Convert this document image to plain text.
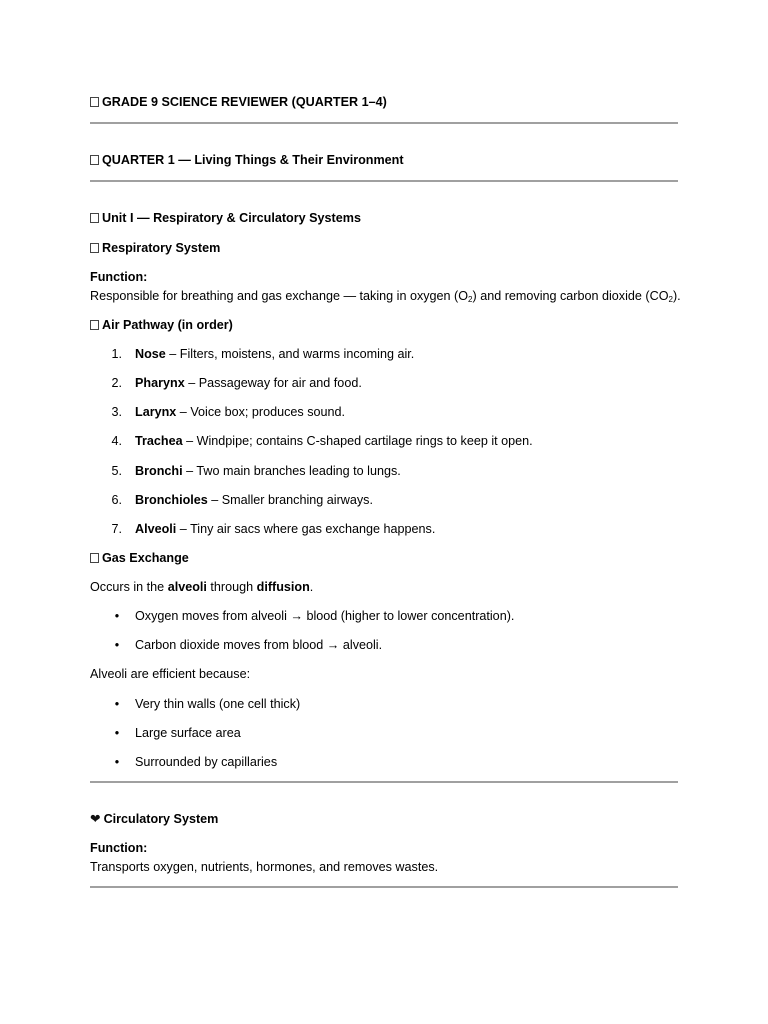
GRADE 9 SCIENCE REVIEWER (QUARTER 1–4)
QUARTER 1 — Living Things & Their Environment
Unit I — Respiratory & Circulatory Systems
Respiratory System
Function:
Responsible for breathing and gas exchange — taking in oxygen $(O_2)$ and removing carbon dioxide $(CO_2)$.
Air Pathway (in order)
1. Nose – Filters, moistens, and warms incoming air.
2. Pharynx – Passageway for air and food.
3. Larynx – Voice box; produces sound.
4. Trachea – Windpipe; contains C-shaped cartilage rings to keep it open.
5. Bronchi – Two main branches leading to lungs.
6. Bronchioles – Smaller branching airways.
7. Alveoli – Tiny air sacs where gas exchange happens.
Gas Exchange
Occurs in the alveoli through diffusion.
• Oxygen moves from alveoli → blood (higher to lower concentration).
• Carbon dioxide moves from blood → alveoli.
Alveoli are efficient because:
• Very thin walls (one cell thick)
• Large surface area
• Surrounded by capillaries
❤ Circulatory System
Function:
Transports oxygen, nutrients, hormones, and removes wastes.
